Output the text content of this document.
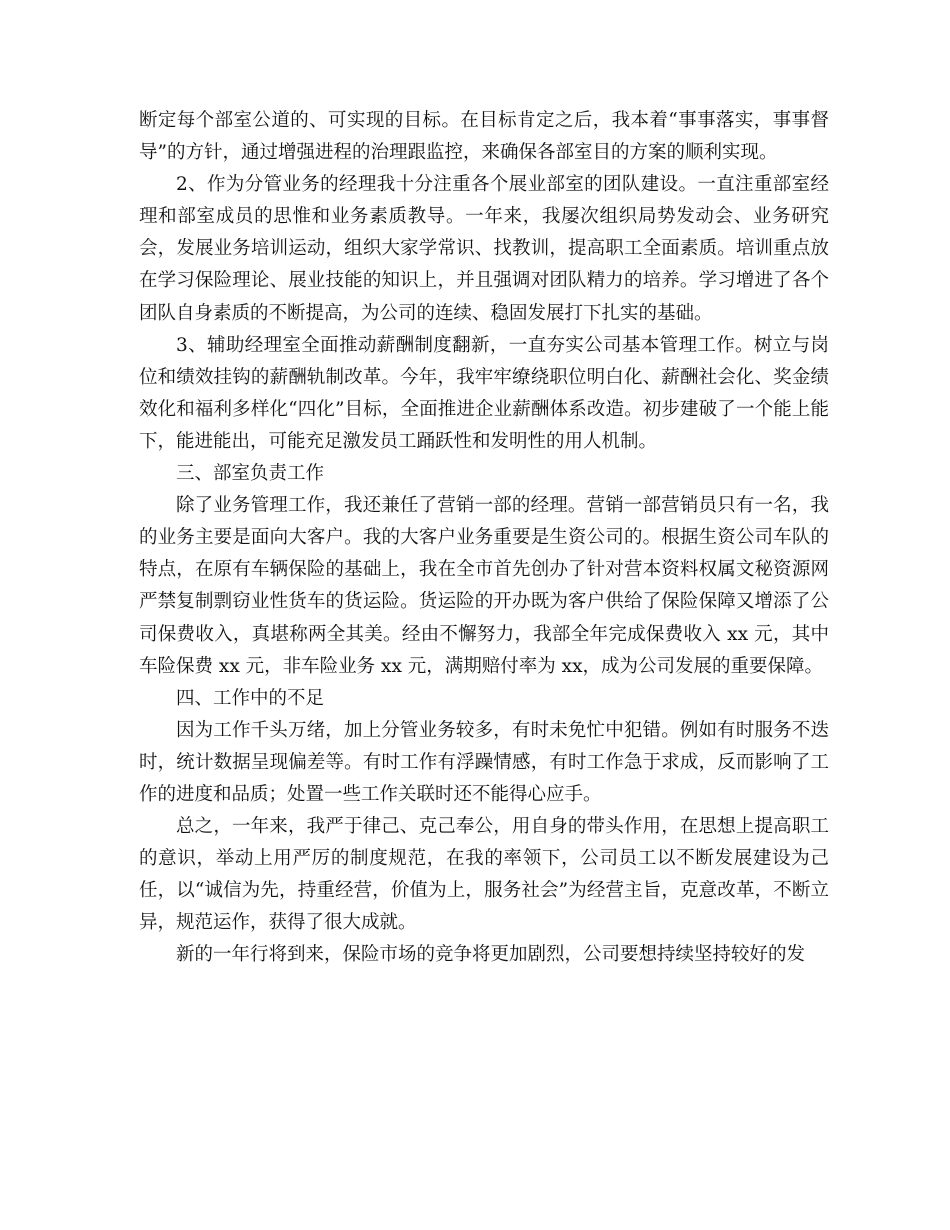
断定每个部室公道的、可实现的目标。在目标肯定之后，我本着“事事落实，事事督导”的方针，通过增强进程的治理跟监控，来确保各部室目的方案的顺利实现。

2、作为分管业务的经理我十分注重各个展业部室的团队建设。一直注重部室经理和部室成员的思惟和业务素质教导。一年来，我屡次组织局势发动会、业务研究会，发展业务培训运动，组织大家学常识、找教训，提高职工全面素质。培训重点放在学习保险理论、展业技能的知识上，并且强调对团队精力的培养。学习增进了各个团队自身素质的不断提高，为公司的连续、稳固发展打下扎实的基础。

3、辅助经理室全面推动薪酬制度翻新，一直夯实公司基本管理工作。树立与岗位和绩效挂钩的薪酬轨制改革。今年，我牢牢缭绕职位明白化、薪酬社会化、奖金绩效化和福利多样化“四化”目标，全面推进企业薪酬体系改造。初步建破了一个能上能下，能进能出，可能充足激发员工踊跃性和发明性的用人机制。

三、部室负责工作

除了业务管理工作，我还兼任了营销一部的经理。营销一部营销员只有一名，我的业务主要是面向大客户。我的大客户业务重要是生资公司的。根据生资公司车队的特点，在原有车辆保险的基础上，我在全市首先创办了针对营本资料权属文秘资源网严禁复制剽窃业性货车的货运险。货运险的开办既为客户供给了保险保障又增添了公司保费收入，真堪称两全其美。经由不懈努力，我部全年完成保费收入 xx 元，其中车险保费 xx 元，非车险业务 xx 元，满期赔付率为 xx，成为公司发展的重要保障。

四、工作中的不足

因为工作千头万绪，加上分管业务较多，有时未免忙中犯错。例如有时服务不迭时，统计数据呈现偏差等。有时工作有浮躁情感，有时工作急于求成，反而影响了工作的进度和品质；处置一些工作关联时还不能得心应手。

总之，一年来，我严于律己、克己奉公，用自身的带头作用，在思想上提高职工的意识，举动上用严厉的制度规范，在我的率领下，公司员工以不断发展建设为己任，以“诚信为先，持重经营，价值为上，服务社会”为经营主旨，克意改革，不断立异，规范运作，获得了很大成就。

新的一年行将到来，保险市场的竞争将更加剧烈，公司要想持续坚持较好的发
